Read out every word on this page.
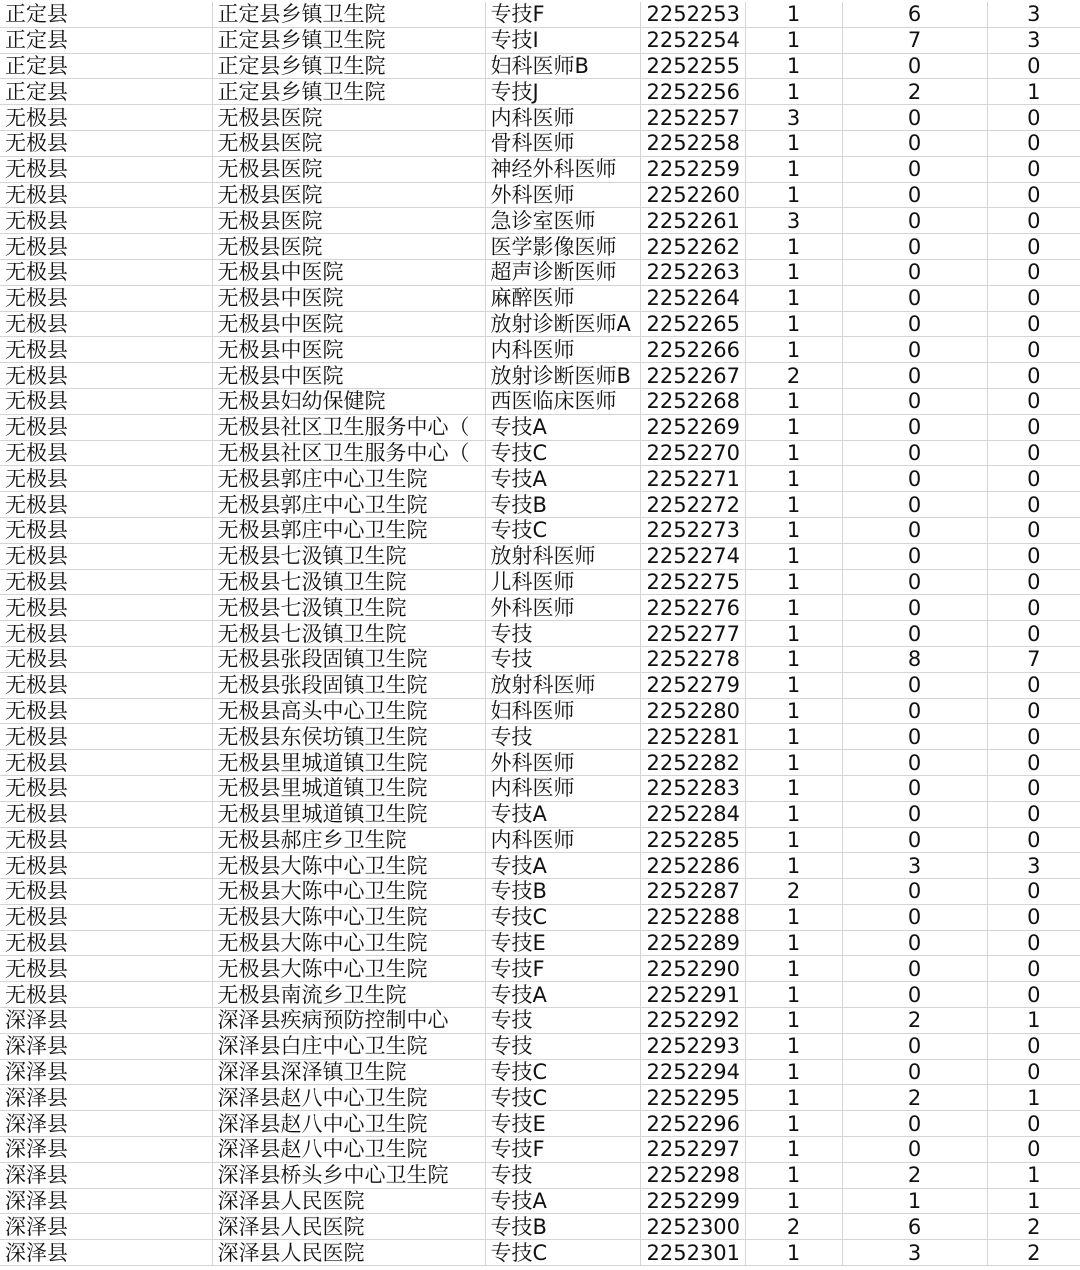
正定县	正定县乡镇卫生院	专技F	2252253	1	6	3
正定县	正定县乡镇卫生院	专技I	2252254	1	7	3
正定县	正定县乡镇卫生院	妇科医师B	2252255	1	0	0
正定县	正定县乡镇卫生院	专技J	2252256	1	2	1
无极县	无极县医院	内科医师	2252257	3	0	0
无极县	无极县医院	骨科医师	2252258	1	0	0
无极县	无极县医院	神经外科医师	2252259	1	0	0
无极县	无极县医院	外科医师	2252260	1	0	0
无极县	无极县医院	急诊室医师	2252261	3	0	0
无极县	无极县医院	医学影像医师	2252262	1	0	0
无极县	无极县中医院	超声诊断医师	2252263	1	0	0
无极县	无极县中医院	麻醉医师	2252264	1	0	0
无极县	无极县中医院	放射诊断医师A	2252265	1	0	0
无极县	无极县中医院	内科医师	2252266	1	0	0
无极县	无极县中医院	放射诊断医师B	2252267	2	0	0
无极县	无极县妇幼保健院	西医临床医师	2252268	1	0	0
无极县	无极县社区卫生服务中心（	专技A	2252269	1	0	0
无极县	无极县社区卫生服务中心（	专技C	2252270	1	0	0
无极县	无极县郭庄中心卫生院	专技A	2252271	1	0	0
无极县	无极县郭庄中心卫生院	专技B	2252272	1	0	0
无极县	无极县郭庄中心卫生院	专技C	2252273	1	0	0
无极县	无极县七汲镇卫生院	放射科医师	2252274	1	0	0
无极县	无极县七汲镇卫生院	儿科医师	2252275	1	0	0
无极县	无极县七汲镇卫生院	外科医师	2252276	1	0	0
无极县	无极县七汲镇卫生院	专技	2252277	1	0	0
无极县	无极县张段固镇卫生院	专技	2252278	1	8	7
无极县	无极县张段固镇卫生院	放射科医师	2252279	1	0	0
无极县	无极县高头中心卫生院	妇科医师	2252280	1	0	0
无极县	无极县东侯坊镇卫生院	专技	2252281	1	0	0
无极县	无极县里城道镇卫生院	外科医师	2252282	1	0	0
无极县	无极县里城道镇卫生院	内科医师	2252283	1	0	0
无极县	无极县里城道镇卫生院	专技A	2252284	1	0	0
无极县	无极县郝庄乡卫生院	内科医师	2252285	1	0	0
无极县	无极县大陈中心卫生院	专技A	2252286	1	3	3
无极县	无极县大陈中心卫生院	专技B	2252287	2	0	0
无极县	无极县大陈中心卫生院	专技C	2252288	1	0	0
无极县	无极县大陈中心卫生院	专技E	2252289	1	0	0
无极县	无极县大陈中心卫生院	专技F	2252290	1	0	0
无极县	无极县南流乡卫生院	专技A	2252291	1	0	0
深泽县	深泽县疾病预防控制中心	专技	2252292	1	2	1
深泽县	深泽县白庄中心卫生院	专技	2252293	1	0	0
深泽县	深泽县深泽镇卫生院	专技C	2252294	1	0	0
深泽县	深泽县赵八中心卫生院	专技C	2252295	1	2	1
深泽县	深泽县赵八中心卫生院	专技E	2252296	1	0	0
深泽县	深泽县赵八中心卫生院	专技F	2252297	1	0	0
深泽县	深泽县桥头乡中心卫生院	专技	2252298	1	2	1
深泽县	深泽县人民医院	专技A	2252299	1	1	1
深泽县	深泽县人民医院	专技B	2252300	2	6	2
深泽县	深泽县人民医院	专技C	2252301	1	3	2
